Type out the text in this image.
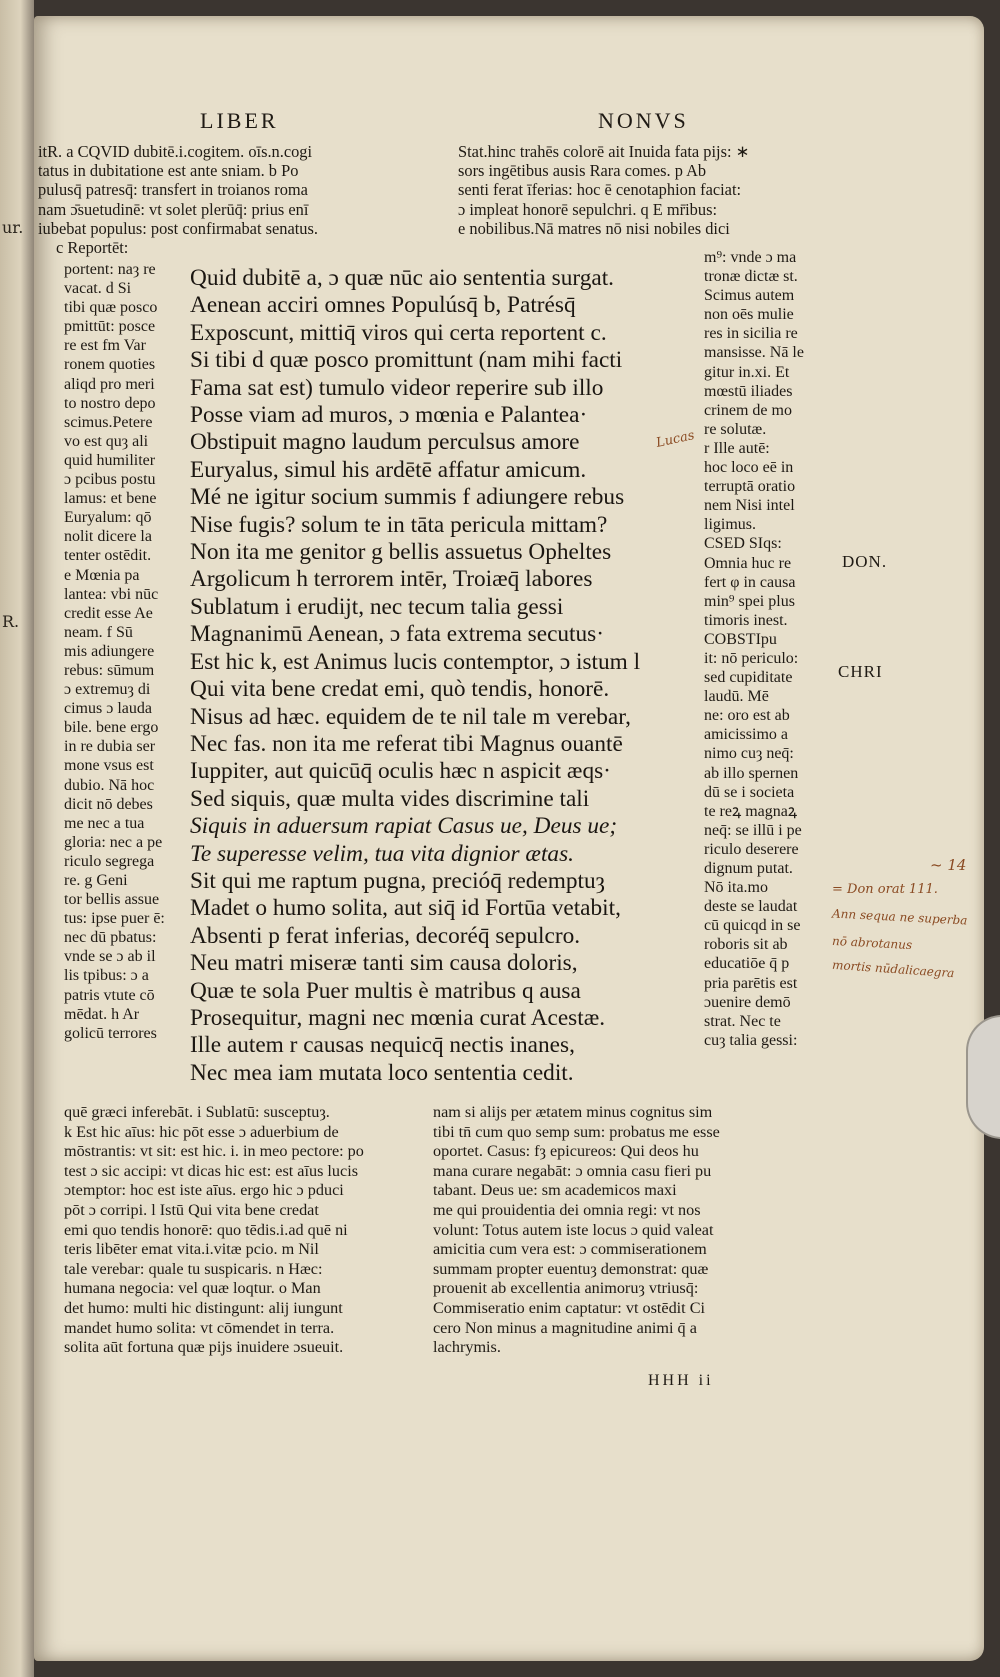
ur.
R.
LIBER	NONVS

itR. a CQVID dubitē.i.cogitem. oīs.n.cogi

tatus in dubitatione est ante sniam. b Po

pulusq̄ patresq̄: transfert in troianos roma

nam ɔ̄suetudinē: vt solet plerūq̄: prius enī

iubebat populus: post confirmabat senatus.

c Reportēt:

Stat.hinc trahēs colorē ait Inuida fata pijs: ∗

sors ingētibus ausis Rara comes. p Ab

senti ferat īferias: hoc ē cenotaphion faciat:

ɔ impleat honorē sepulchri. q E mr̄ibus:

e nobilibus.Nā matres nō nisi nobiles dici

portent: naȝ re

vacat. d Si

tibi quæ posco

pmittūt: posce

re est fm Var

ronem quoties

aliqd pro meri

to nostro depo

scimus.Petere

vo est quȝ ali

quid humiliter

ɔ pcibus postu

lamus: et bene

Euryalum: qō

nolit dicere la

tenter ostēdit.

e Mœnia pa

lantea: vbi nūc

credit esse Ae

neam. f Sū

mis adiungere

rebus: sūmum

ɔ extremuȝ di

cimus ɔ lauda

bile. bene ergo

in re dubia ser

mone vsus est

dubio. Nā hoc

dicit nō debes

me nec a tua

gloria: nec a pe

riculo segrega

re. g Geni

tor bellis assue

tus: ipse puer ē:

nec dū pbatus:

vnde se ɔ ab il

lis tpibus: ɔ a

patris vtute cō

mēdat. h Ar

golicū terrores

m⁹: vnde ɔ ma

tronæ dictæ st.

Scimus autem

non oēs mulie

res in sicilia re

mansisse. Nā le

gitur in.xi. Et

mœstū iliades

crinem de mo

re solutæ.

r Ille autē:

hoc loco eē in

terruptā oratio

nem Nisi intel

ligimus.

CSED SIqs:

Omnia huc re

fert φ in causa

min⁹ spei plus

timoris inest.

COBSTIpu

it: nō periculo:

sed cupiditate

laudū. Mē

ne: oro est ab

amicissimo a

nimo cuȝ neq̄:

ab illo spernen

dū se i societa

te reꝝ magnaꝝ

neq̄: se illū i pe

riculo deserere

dignum putat.

Nō ita.mo

deste se laudat

cū quicqd in se

roboris sit ab

educatiōe q̄ p

pria parētis est

ɔuenire demō

strat. Nec te

cuȝ talia gessi:

Quid dubitē a, ɔ quæ nūc aio sententia surgat.

Aenean acciri omnes Populúsq̄ b, Patrésq̄

Exposcunt, mittiq̄ viros qui certa reportent c.

Si tibi d quæ posco promittunt (nam mihi facti

Fama sat est) tumulo videor reperire sub illo

Posse viam ad muros, ɔ mœnia e Palantea·

Obstipuit magno laudum perculsus amore

Euryalus, simul his ardētē affatur amicum.

Mé ne igitur socium summis f adiungere rebus

Nise fugis? solum te in tāta pericula mittam?

Non ita me genitor g bellis assuetus Opheltes

Argolicum h terrorem intēr, Troiæq̄ labores

Sublatum i erudijt, nec tecum talia gessi

Magnanimū Aenean, ɔ fata extrema secutus·

Est hic k, est Animus lucis contemptor, ɔ istum l

Qui vita bene credat emi, quò tendis, honorē.

Nisus ad hæc. equidem de te nil tale m verebar,

Nec fas. non ita me referat tibi Magnus ouantē

Iuppiter, aut quicūq̄ oculis hæc n aspicit æqs·

Sed siquis, quæ multa vides discrimine tali

Siquis in aduersum rapiat Casus ue, Deus ue;

Te superesse velim, tua vita dignior ætas.

Sit qui me raptum pugna, precióq̄ redemptuȝ

Madet o humo solita, aut siq̄ id Fortūa vetabit,

Absenti p ferat inferias, decoréq̄ sepulcro.

Neu matri miseræ tanti sim causa doloris,

Quæ te sola Puer multis è matribus q ausa

Prosequitur, magni nec mœnia curat Acestæ.

Ille autem r causas nequicq̄ nectis inanes,

Nec mea iam mutata loco sententia cedit.

quē græci inferebāt. i Sublatū: susceptuȝ.

k Est hic aīus: hic pōt esse ɔ aduerbium de

mōstrantis: vt sit: est hic. i. in meo pectore: po

test ɔ sic accipi: vt dicas hic est: est aīus lucis

ɔtemptor: hoc est iste aīus. ergo hic ɔ pduci

pōt ɔ corripi. l Istū Qui vita bene credat

emi quo tendis honorē: quo tēdis.i.ad quē ni

teris libēter emat vita.i.vitæ pcio. m Nil

tale verebar: quale tu suspicaris. n Hæc:

humana negocia: vel quæ loqtur. o Man

det humo: multi hic distingunt: alij iungunt

mandet humo solita: vt cōmendet in terra.

solita aūt fortuna quæ pijs inuidere ɔsueuit.

nam si alijs per ætatem minus cognitus sim

tibi tn̄ cum quo semp sum: probatus me esse

oportet. Casus: fȝ epicureos: Qui deos hu

mana curare negabāt: ɔ omnia casu fieri pu

tabant. Deus ue: sm academicos maxi

me qui prouidentia dei omnia regi: vt nos

volunt: Totus autem iste locus ɔ quid valeat

amicitia cum vera est: ɔ commiserationem

summam propter euentuȝ demonstrat: quæ

prouenit ab excellentia animoruȝ vtriusq̄:

Commiseratio enim captatur: vt ostēdit Ci

cero Non minus a magnitudine animi q̄ a

lachrymis.

DON.
CHRI
Lucas
~ 14
= Don orat 111.
Ann sequa ne superba
nō abrotanus
mortis nūdalicaegra
HHH ii
